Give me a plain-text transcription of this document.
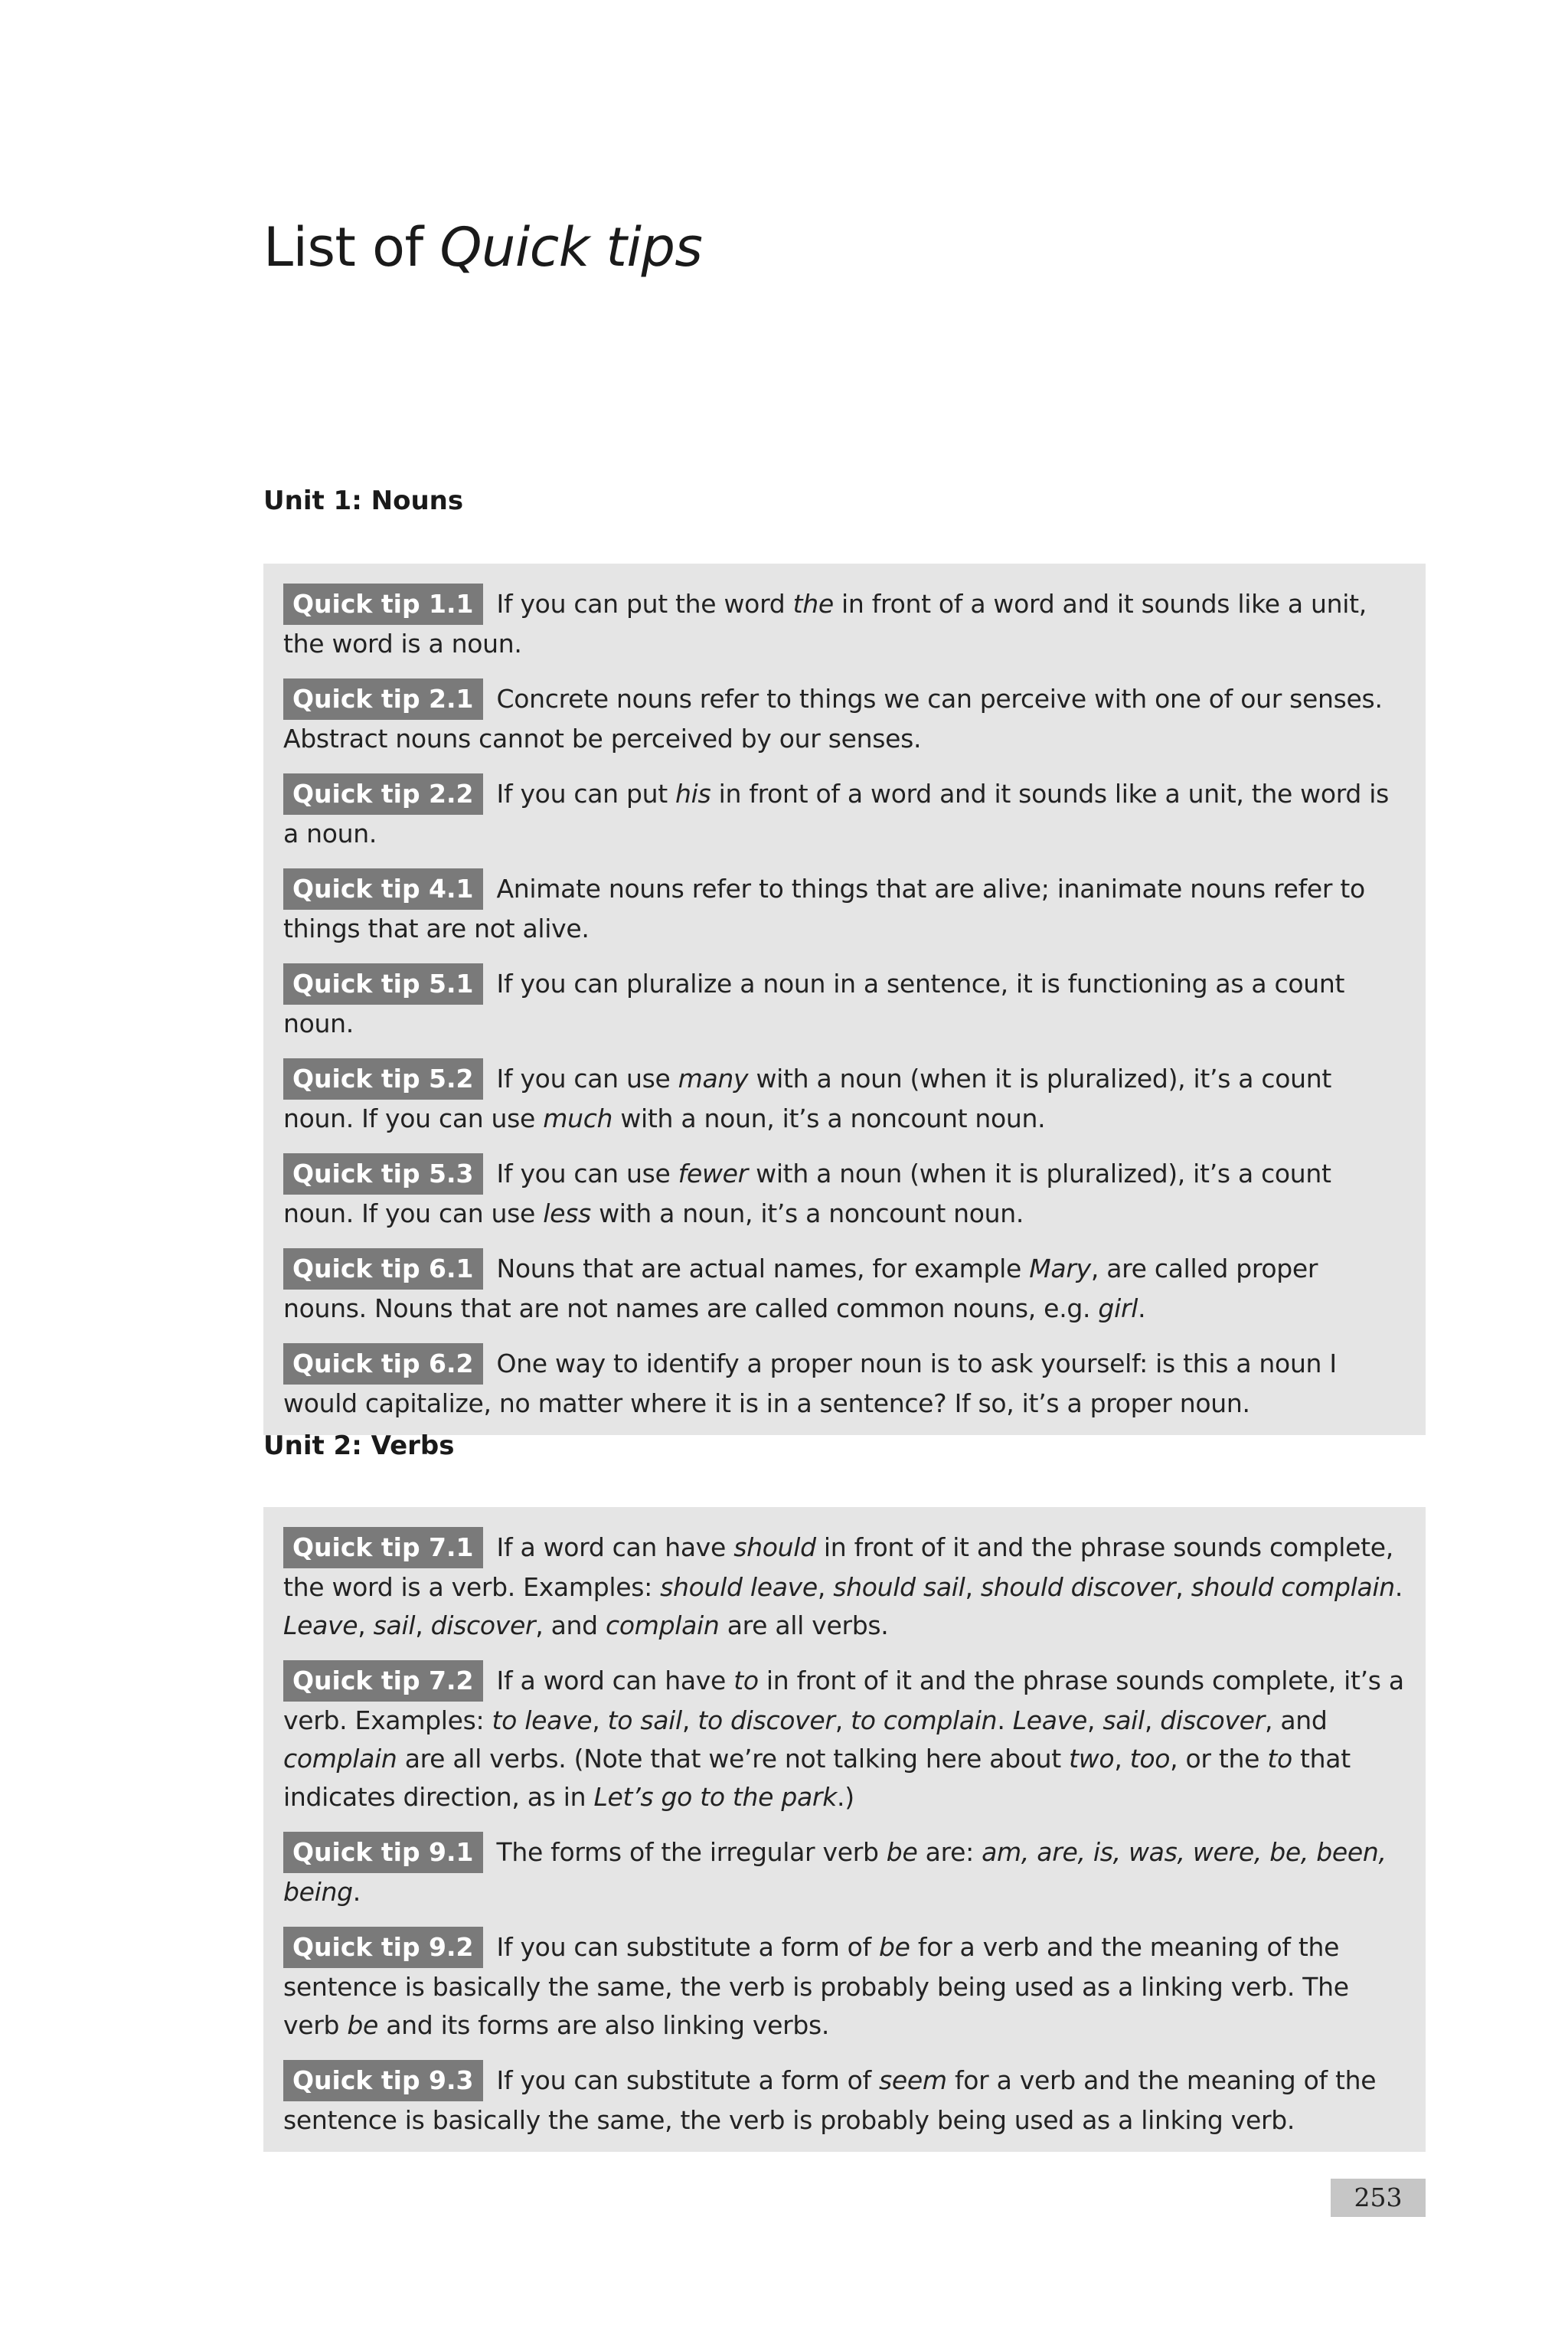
List of Quick tips
Unit 1: Nouns

Quick tip 1.1 If you can put the word the in front of a word and it sounds like a unit, the word is a noun.

Quick tip 2.1 Concrete nouns refer to things we can perceive with one of our senses. Abstract nouns cannot be perceived by our senses.

Quick tip 2.2 If you can put his in front of a word and it sounds like a unit, the word is a noun.

Quick tip 4.1 Animate nouns refer to things that are alive; inanimate nouns refer to things that are not alive.

Quick tip 5.1 If you can pluralize a noun in a sentence, it is functioning as a count noun.

Quick tip 5.2 If you can use many with a noun (when it is pluralized), it’s a count noun. If you can use much with a noun, it’s a noncount noun.

Quick tip 5.3 If you can use fewer with a noun (when it is pluralized), it’s a count noun. If you can use less with a noun, it’s a noncount noun.

Quick tip 6.1 Nouns that are actual names, for example Mary, are called proper nouns. Nouns that are not names are called common nouns, e.g. girl.

Quick tip 6.2 One way to identify a proper noun is to ask yourself: is this a noun I would capitalize, no matter where it is in a sentence? If so, it’s a proper noun.

Unit 2: Verbs

Quick tip 7.1 If a word can have should in front of it and the phrase sounds complete, the word is a verb. Examples: should leave, should sail, should discover, should complain. Leave, sail, discover, and complain are all verbs.

Quick tip 7.2 If a word can have to in front of it and the phrase sounds complete, it’s a verb. Examples: to leave, to sail, to discover, to complain. Leave, sail, discover, and complain are all verbs. (Note that we’re not talking here about two, too, or the to that indicates direction, as in Let’s go to the park.)

Quick tip 9.1 The forms of the irregular verb be are: am, are, is, was, were, be, been, being.

Quick tip 9.2 If you can substitute a form of be for a verb and the meaning of the sentence is basically the same, the verb is probably being used as a linking verb. The verb be and its forms are also linking verbs.

Quick tip 9.3 If you can substitute a form of seem for a verb and the meaning of the sentence is basically the same, the verb is probably being used as a linking verb.

253
